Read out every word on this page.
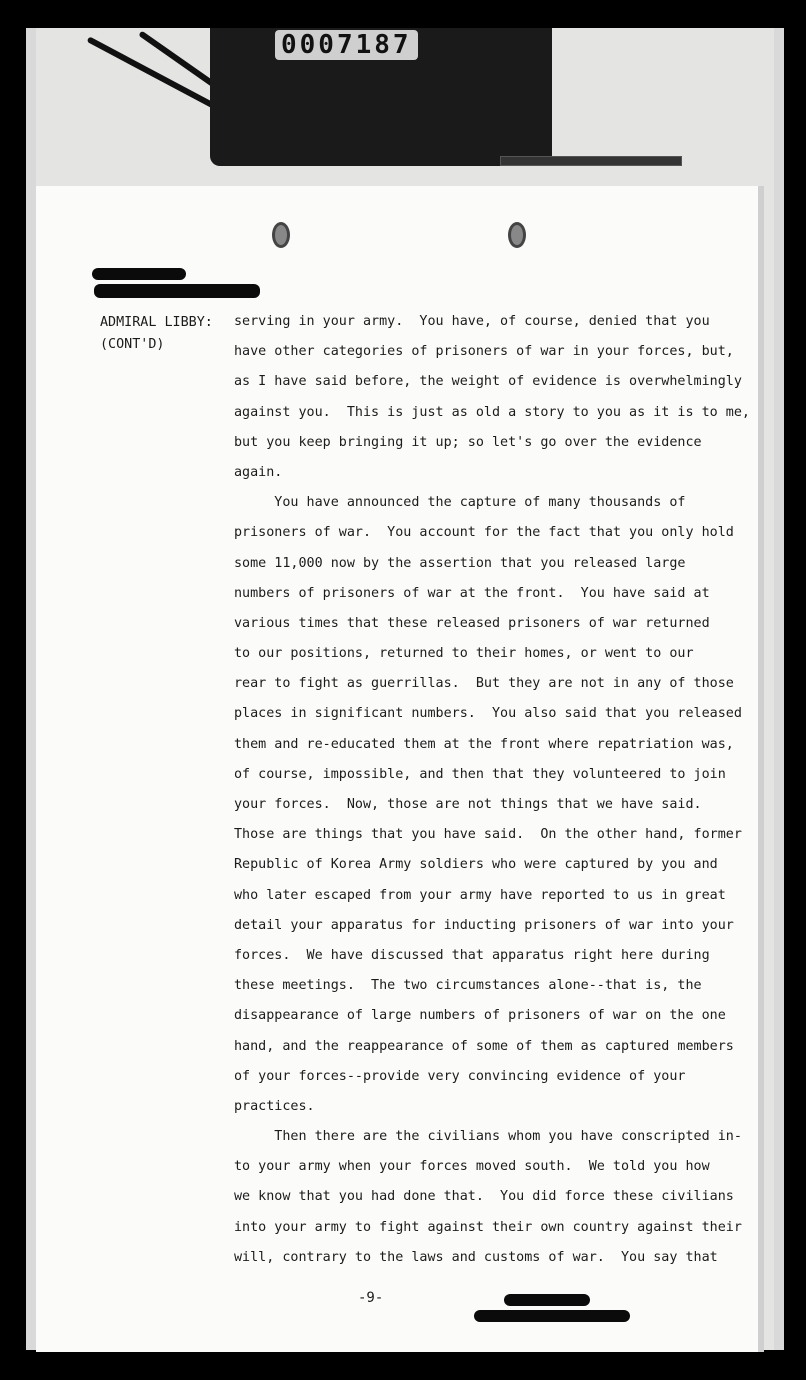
0007187
ADMIRAL LIBBY:
(CONT'D)
serving in your army.  You have, of course, denied that you
have other categories of prisoners of war in your forces, but,
as I have said before, the weight of evidence is overwhelmingly
against you.  This is just as old a story to you as it is to me,
but you keep bringing it up; so let's go over the evidence
again.
You have announced the capture of many thousands of
prisoners of war.  You account for the fact that you only hold
some 11,000 now by the assertion that you released large
numbers of prisoners of war at the front.  You have said at
various times that these released prisoners of war returned
to our positions, returned to their homes, or went to our
rear to fight as guerrillas.  But they are not in any of those
places in significant numbers.  You also said that you released
them and re-educated them at the front where repatriation was,
of course, impossible, and then that they volunteered to join
your forces.  Now, those are not things that we have said.
Those are things that you have said.  On the other hand, former
Republic of Korea Army soldiers who were captured by you and
who later escaped from your army have reported to us in great
detail your apparatus for inducting prisoners of war into your
forces.  We have discussed that apparatus right here during
these meetings.  The two circumstances alone--that is, the
disappearance of large numbers of prisoners of war on the one
hand, and the reappearance of some of them as captured members
of your forces--provide very convincing evidence of your
practices.
Then there are the civilians whom you have conscripted in-
to your army when your forces moved south.  We told you how
we know that you had done that.  You did force these civilians
into your army to fight against their own country against their
will, contrary to the laws and customs of war.  You say that
-9-
